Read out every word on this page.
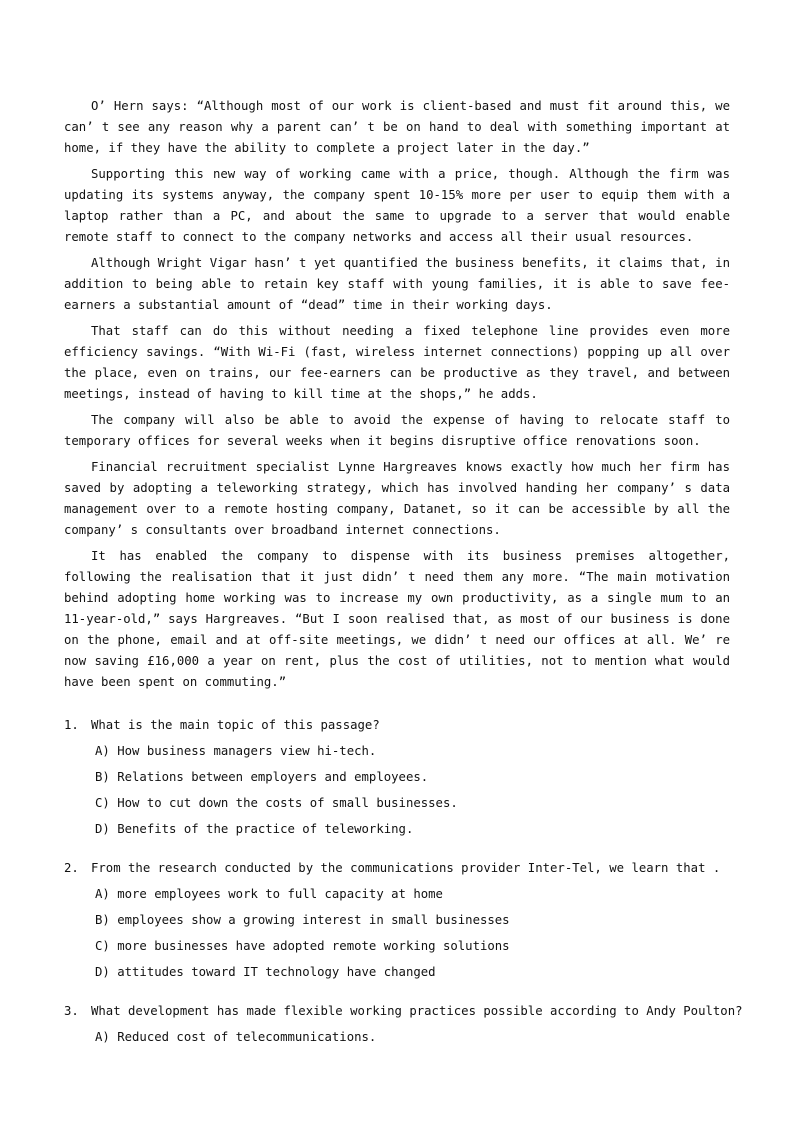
O’ Hern says: “Although most of our work is client-based and must fit around this, we can’ t see any reason why a parent can’ t be on hand to deal with something important at home, if they have the ability to complete a project later in the day.”

Supporting this new way of working came with a price, though. Although the firm was updating its systems anyway, the company spent 10-15% more per user to equip them with a laptop rather than a PC, and about the same to upgrade to a server that would enable remote staff to connect to the company networks and access all their usual resources.

Although Wright Vigar hasn’ t yet quantified the business benefits, it claims that, in addition to being able to retain key staff with young families, it is able to save fee-earners a substantial amount of “dead” time in their working days.

That staff can do this without needing a fixed telephone line provides even more efficiency savings. “With Wi-Fi (fast, wireless internet connections) popping up all over the place, even on trains, our fee-earners can be productive as they travel, and between meetings, instead of having to kill time at the shops,” he adds.

The company will also be able to avoid the expense of having to relocate staff to temporary offices for several weeks when it begins disruptive office renovations soon.

Financial recruitment specialist Lynne Hargreaves knows exactly how much her firm has saved by adopting a teleworking strategy, which has involved handing her company’ s data management over to a remote hosting company, Datanet, so it can be accessible by all the company’ s consultants over broadband internet connections.

It has enabled the company to dispense with its business premises altogether, following the realisation that it just didn’ t need them any more. “The main motivation behind adopting home working was to increase my own productivity, as a single mum to an 11-year-old,” says Hargreaves. “But I soon realised that, as most of our business is done on the phone, email and at off-site meetings, we didn’ t need our offices at all. We’ re now saving £16,000 a year on rent, plus the cost of utilities, not to mention what would have been spent on commuting.”

1. What is the main topic of this passage?
A) How business managers view hi-tech.
B) Relations between employers and employees.
C) How to cut down the costs of small businesses.
D) Benefits of the practice of teleworking.
2. From the research conducted by the communications provider Inter-Tel, we learn that .
A) more employees work to full capacity at home
B) employees show a growing interest in small businesses
C) more businesses have adopted remote working solutions
D) attitudes toward IT technology have changed
3. What development has made flexible working practices possible according to Andy Poulton?
A) Reduced cost of telecommunications.
